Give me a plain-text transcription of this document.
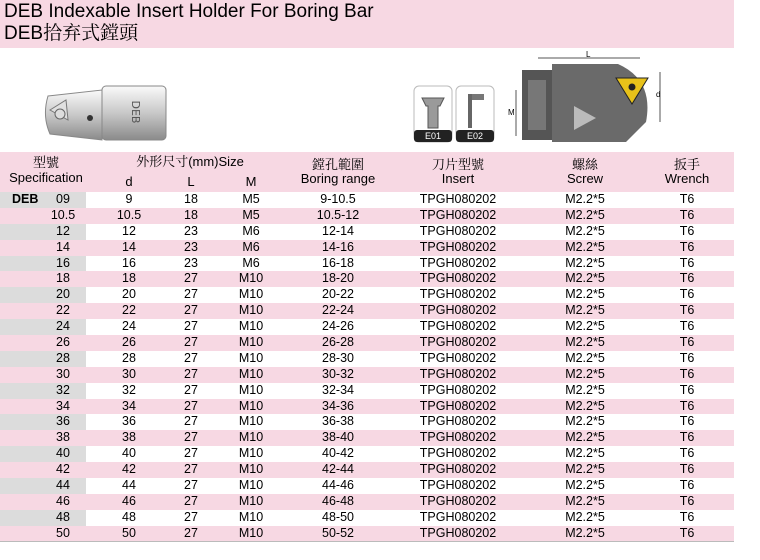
DEB Indexable Insert Holder For Boring Bar
DEB拾弃式鏜頭
DEB
E01	E02
L
M
d
型號
Specification
外形尺寸(mm)Size
d	L	M
鏜孔範圍
Boring range
刀片型號
Insert
螺絲
Screw
扳手
Wrench
DEB	09	9	18	M5	9-10.5	TPGH080202	M2.2*5	T6
10.5	10.5	18	M5	10.5-12	TPGH080202	M2.2*5	T6
12	12	23	M6	12-14	TPGH080202	M2.2*5	T6
14	14	23	M6	14-16	TPGH080202	M2.2*5	T6
16	16	23	M6	16-18	TPGH080202	M2.2*5	T6
18	18	27	M10	18-20	TPGH080202	M2.2*5	T6
20	20	27	M10	20-22	TPGH080202	M2.2*5	T6
22	22	27	M10	22-24	TPGH080202	M2.2*5	T6
24	24	27	M10	24-26	TPGH080202	M2.2*5	T6
26	26	27	M10	26-28	TPGH080202	M2.2*5	T6
28	28	27	M10	28-30	TPGH080202	M2.2*5	T6
30	30	27	M10	30-32	TPGH080202	M2.2*5	T6
32	32	27	M10	32-34	TPGH080202	M2.2*5	T6
34	34	27	M10	34-36	TPGH080202	M2.2*5	T6
36	36	27	M10	36-38	TPGH080202	M2.2*5	T6
38	38	27	M10	38-40	TPGH080202	M2.2*5	T6
40	40	27	M10	40-42	TPGH080202	M2.2*5	T6
42	42	27	M10	42-44	TPGH080202	M2.2*5	T6
44	44	27	M10	44-46	TPGH080202	M2.2*5	T6
46	46	27	M10	46-48	TPGH080202	M2.2*5	T6
48	48	27	M10	48-50	TPGH080202	M2.2*5	T6
50	50	27	M10	50-52	TPGH080202	M2.2*5	T6
